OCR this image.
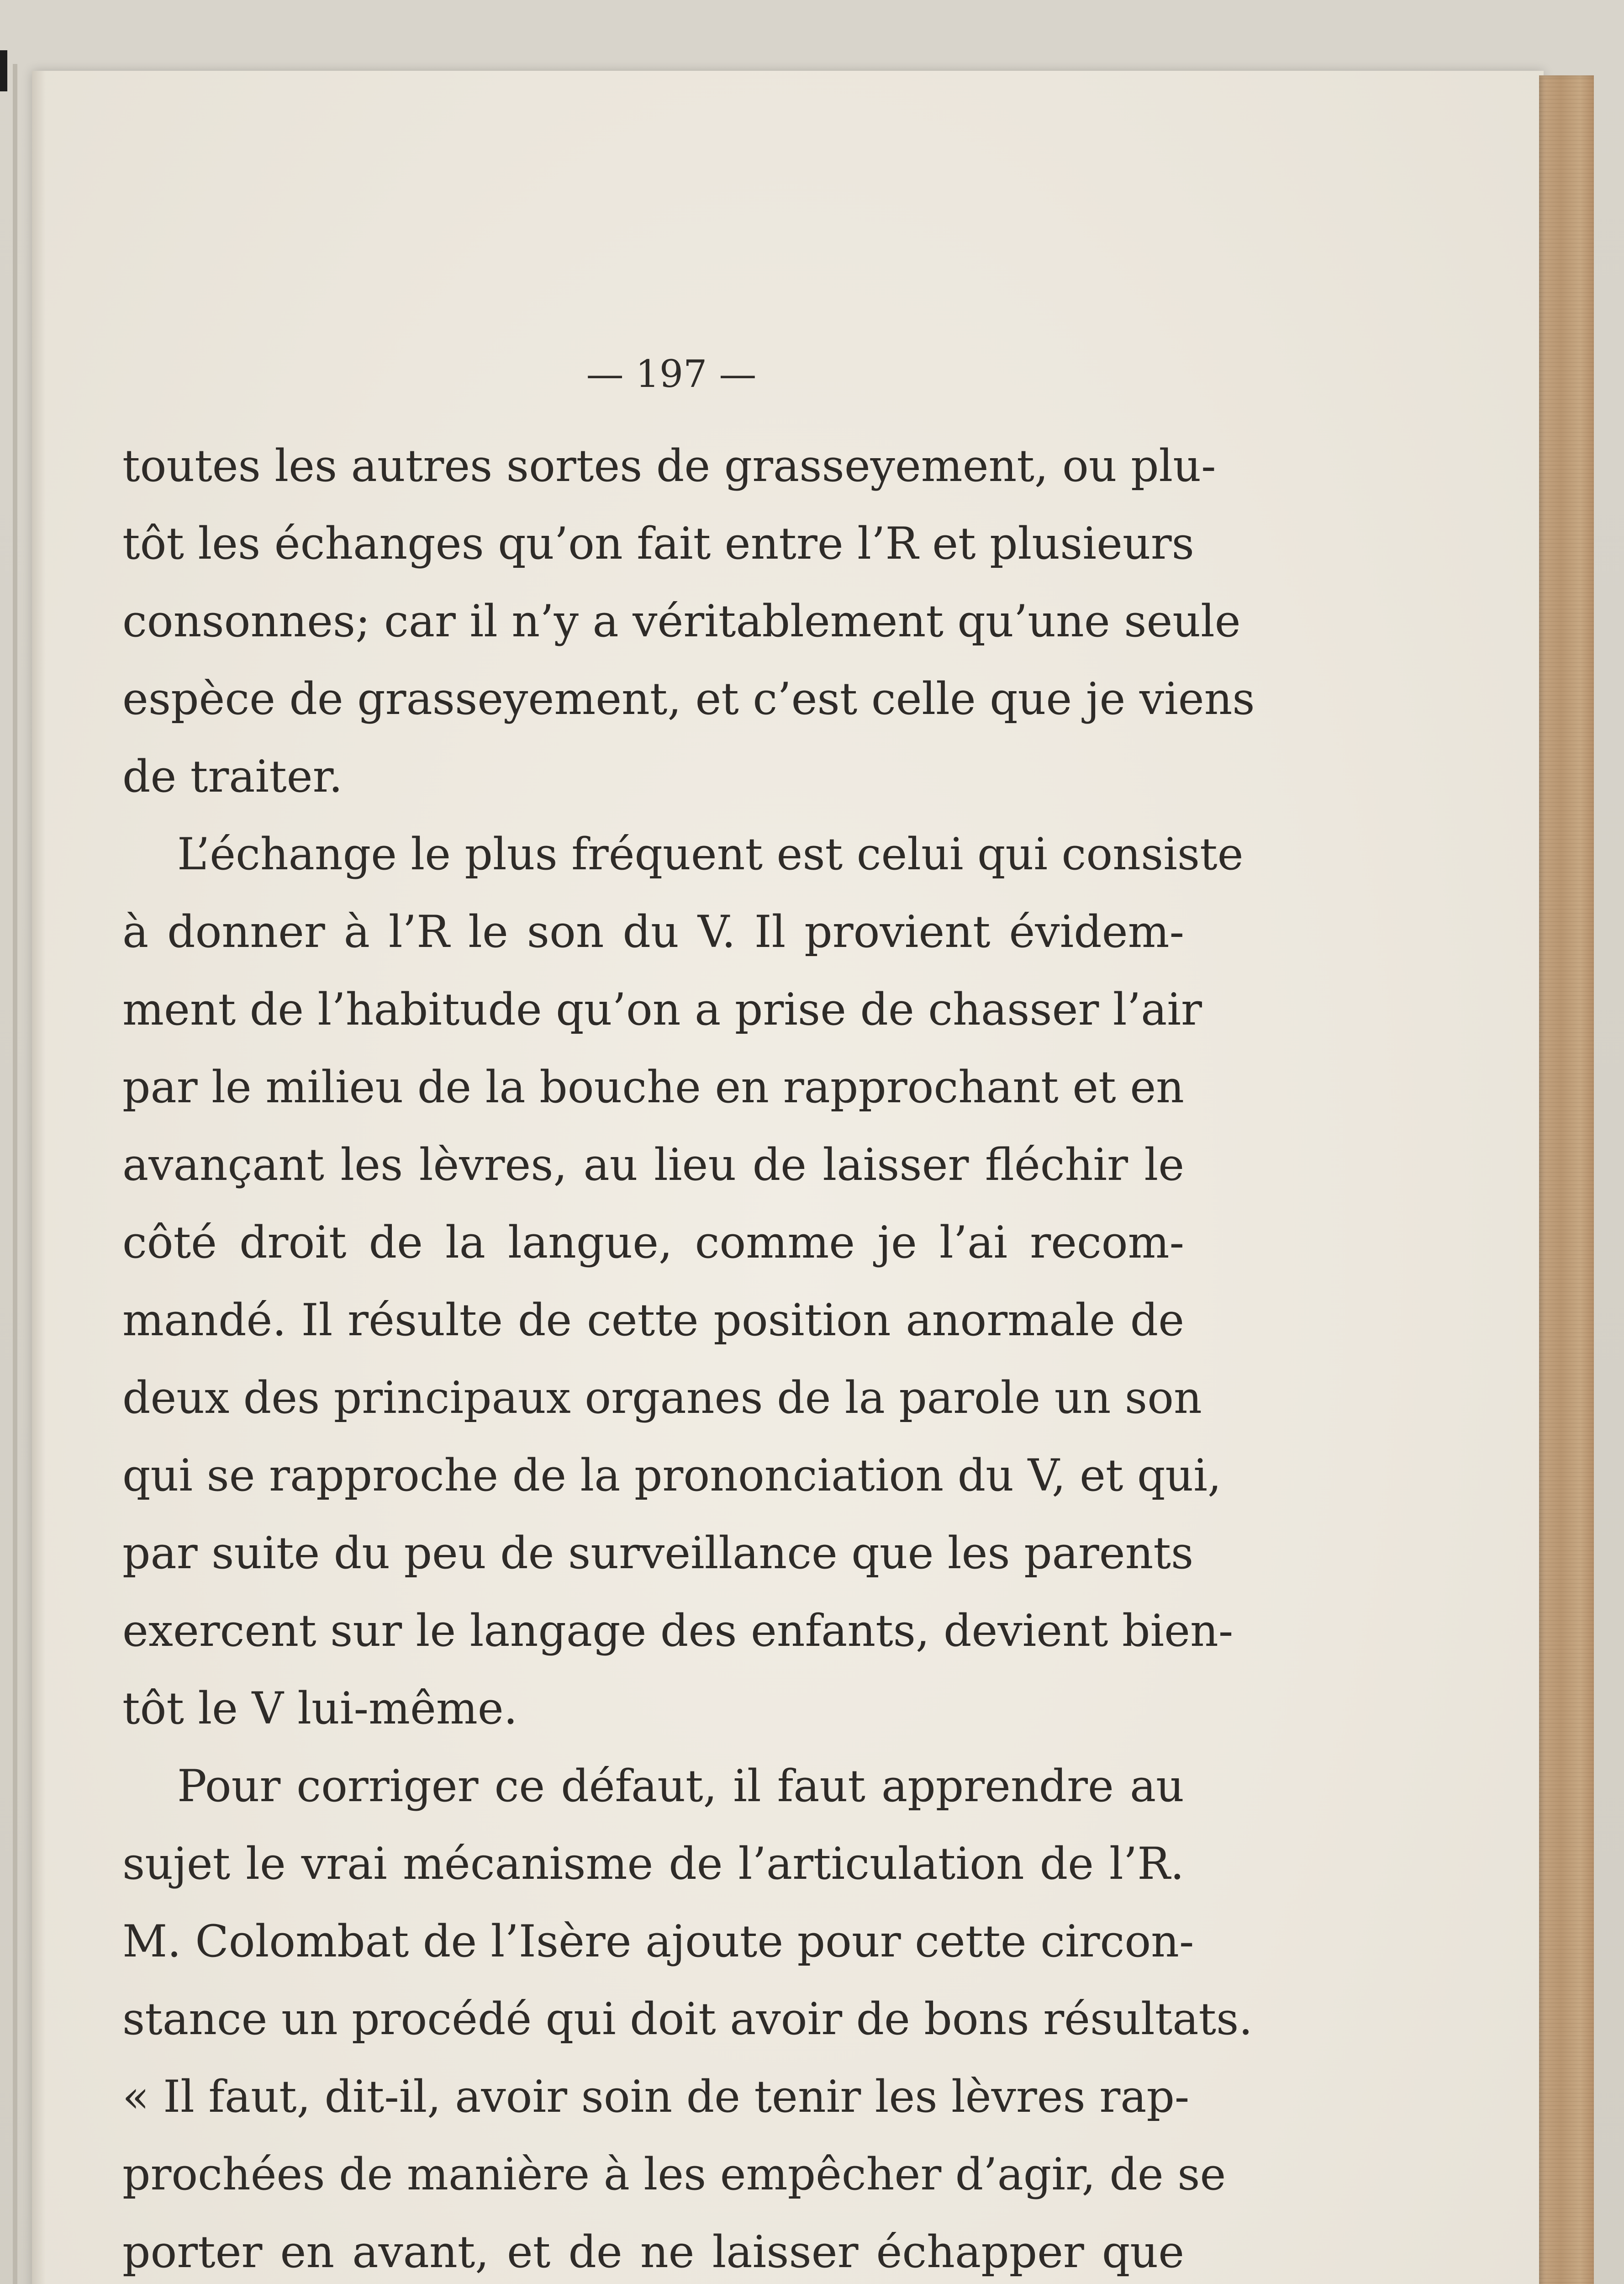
— 197 —

toutes les autres sortes de grasseyement, ou plu-
tôt les échanges qu’on fait entre l’R et plusieurs
consonnes; car il n’y a véritablement qu’une seule
espèce de grasseyement, et c’est celle que je viens
de traiter.

L’échange le plus fréquent est celui qui consiste
à donner à l’R le son du V. Il provient évidem-
ment de l’habitude qu’on a prise de chasser l’air
par le milieu de la bouche en rapprochant et en
avançant les lèvres, au lieu de laisser fléchir le
côté droit de la langue, comme je l’ai recom-
mandé. Il résulte de cette position anormale de
deux des principaux organes de la parole un son
qui se rapproche de la prononciation du V, et qui,
par suite du peu de surveillance que les parents
exercent sur le langage des enfants, devient bien-
tôt le V lui-même.

Pour corriger ce défaut, il faut apprendre au
sujet le vrai mécanisme de l’articulation de l’R.
M. Colombat de l’Isère ajoute pour cette circon-
stance un procédé qui doit avoir de bons résultats.
« Il faut, dit-il, avoir soin de tenir les lèvres rap-
prochées de manière à les empêcher d’agir, de se
porter en avant, et de ne laisser échapper que
